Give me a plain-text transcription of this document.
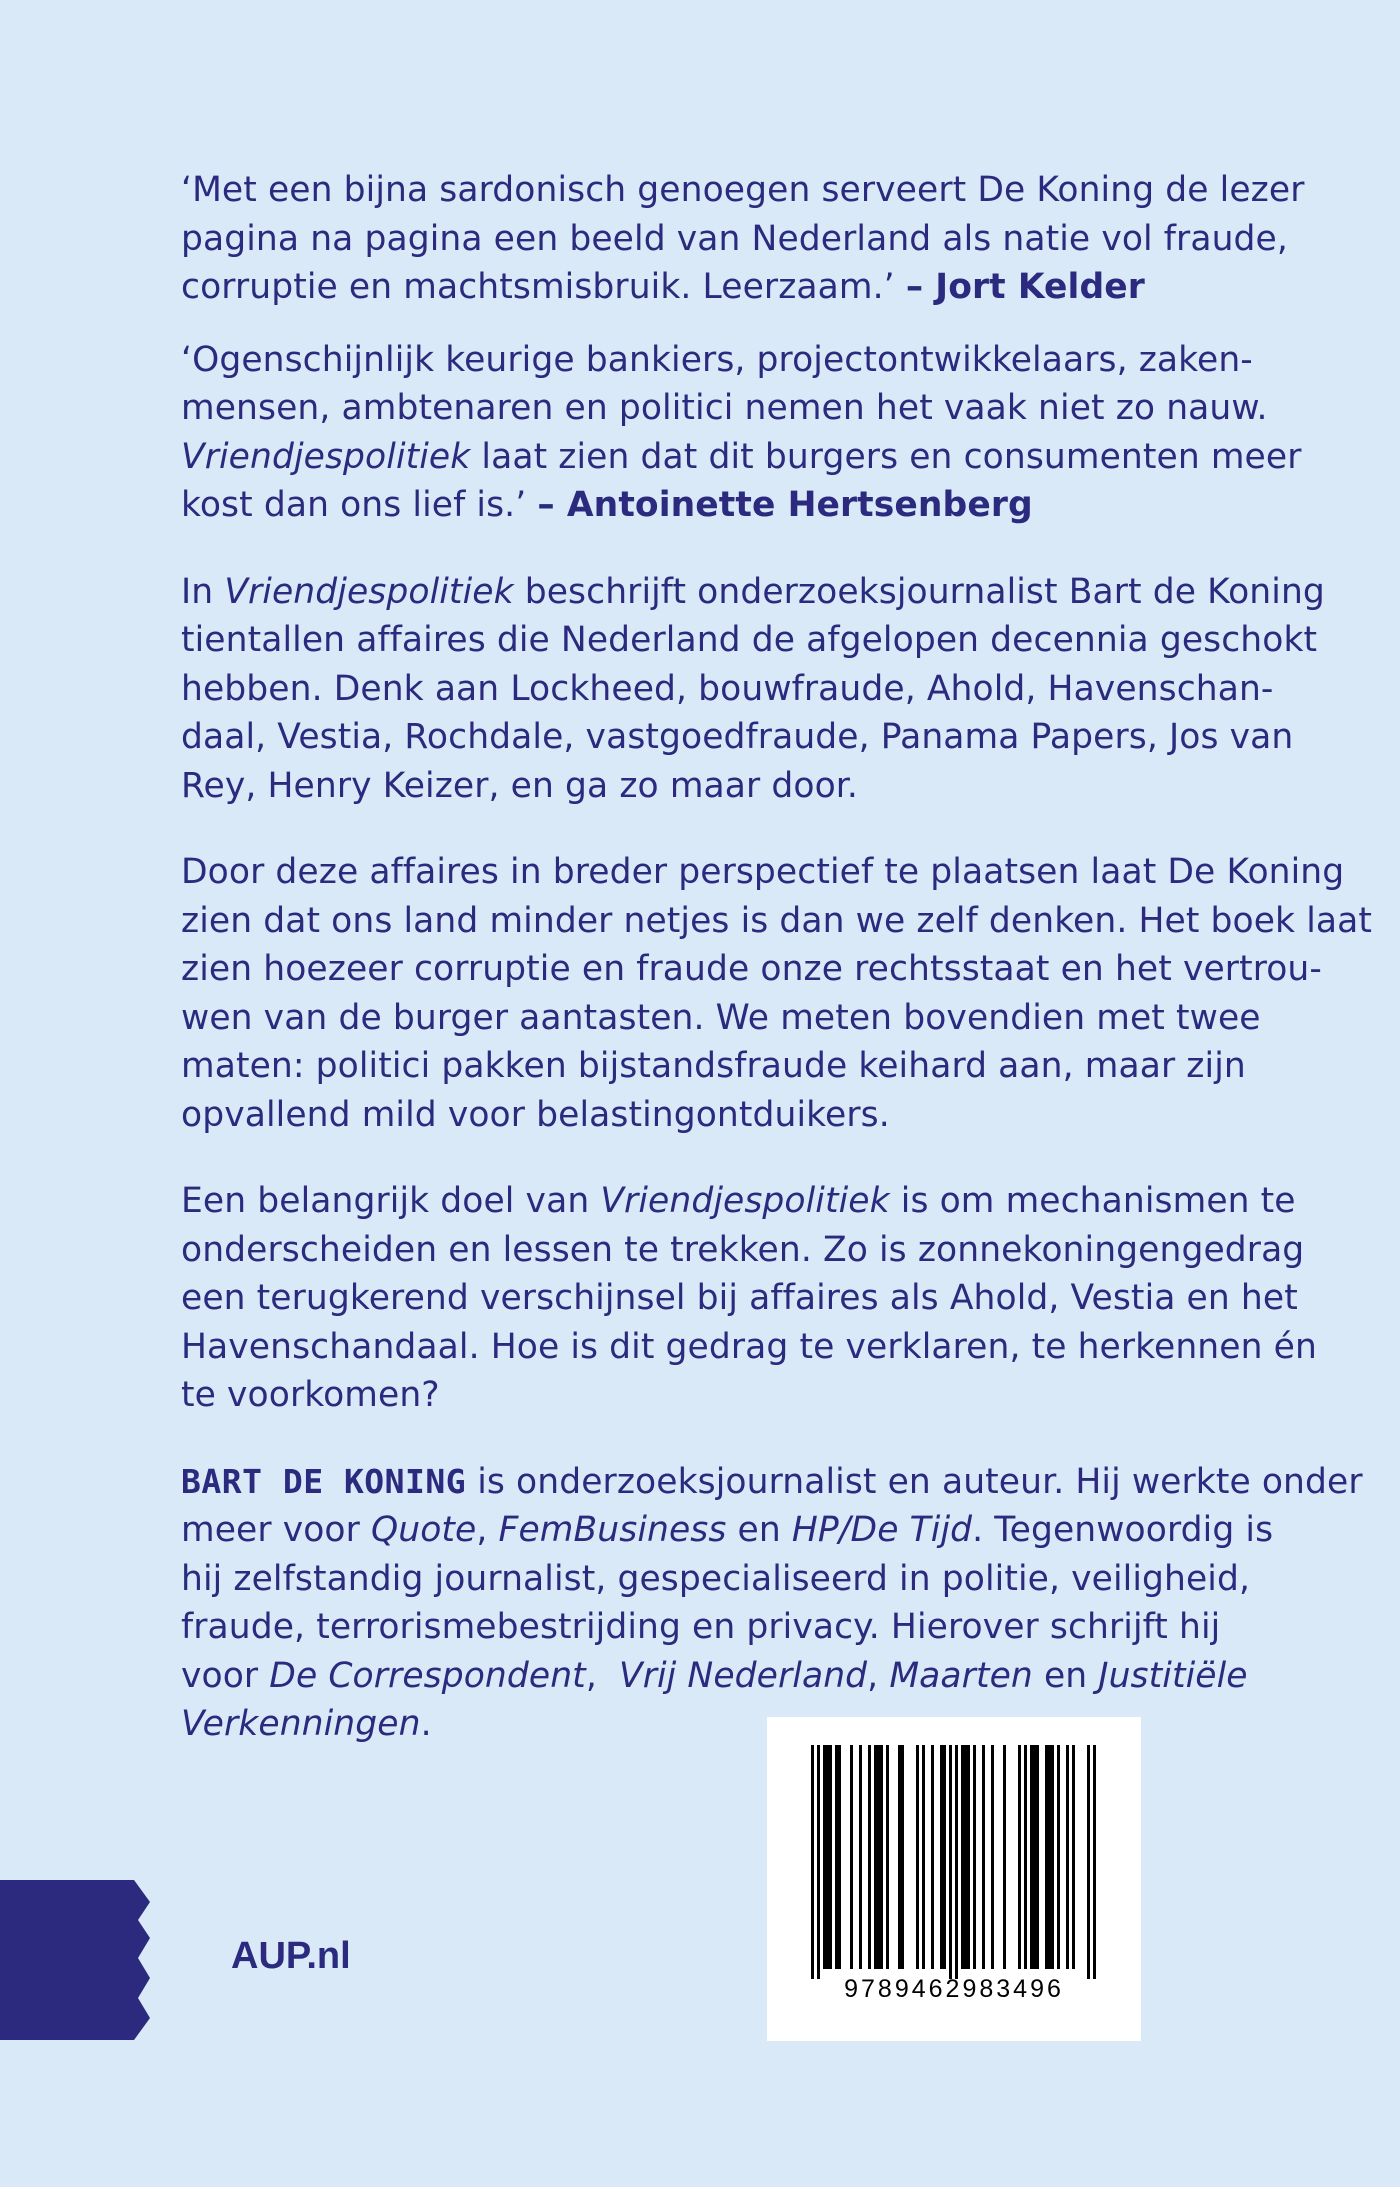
‘Met een bijna sardonisch genoegen serveert De Koning de lezer
pagina na pagina een beeld van Nederland als natie vol fraude,
corruptie en machtsmisbruik. Leerzaam.’ – Jort Kelder

‘Ogenschijnlijk keurige bankiers, projectontwikkelaars, zaken-
mensen, ambtenaren en politici nemen het vaak niet zo nauw.
Vriendjespolitiek laat zien dat dit burgers en consumenten meer
kost dan ons lief is.’ – Antoinette Hertsenberg

In Vriendjespolitiek beschrijft onderzoeksjournalist Bart de Koning
tientallen affaires die Nederland de afgelopen decennia geschokt
hebben. Denk aan Lockheed, bouwfraude, Ahold, Havenschan-
daal, Vestia, Rochdale, vastgoedfraude, Panama Papers, Jos van
Rey, Henry Keizer, en ga zo maar door.

Door deze affaires in breder perspectief te plaatsen laat De Koning
zien dat ons land minder netjes is dan we zelf denken. Het boek laat
zien hoezeer corruptie en fraude onze rechtsstaat en het vertrou-
wen van de burger aantasten. We meten bovendien met twee
maten: politici pakken bijstandsfraude keihard aan, maar zijn
opvallend mild voor belastingontduikers.

Een belangrijk doel van Vriendjespolitiek is om mechanismen te
onderscheiden en lessen te trekken. Zo is zonnekoningengedrag
een terugkerend verschijnsel bij affaires als Ahold, Vestia en het
Havenschandaal. Hoe is dit gedrag te verklaren, te herkennen én
te voorkomen?

BART DE KONING is onderzoeksjournalist en auteur. Hij werkte onder
meer voor Quote, FemBusiness en HP/De Tijd. Tegenwoordig is
hij zelfstandig journalist, gespecialiseerd in politie, veiligheid,
fraude, terrorismebestrijding en privacy. Hierover schrijft hij
voor De Correspondent,  Vrij Nederland, Maarten en Justitiële
Verkenningen.

9789462983496
AUP.nl
